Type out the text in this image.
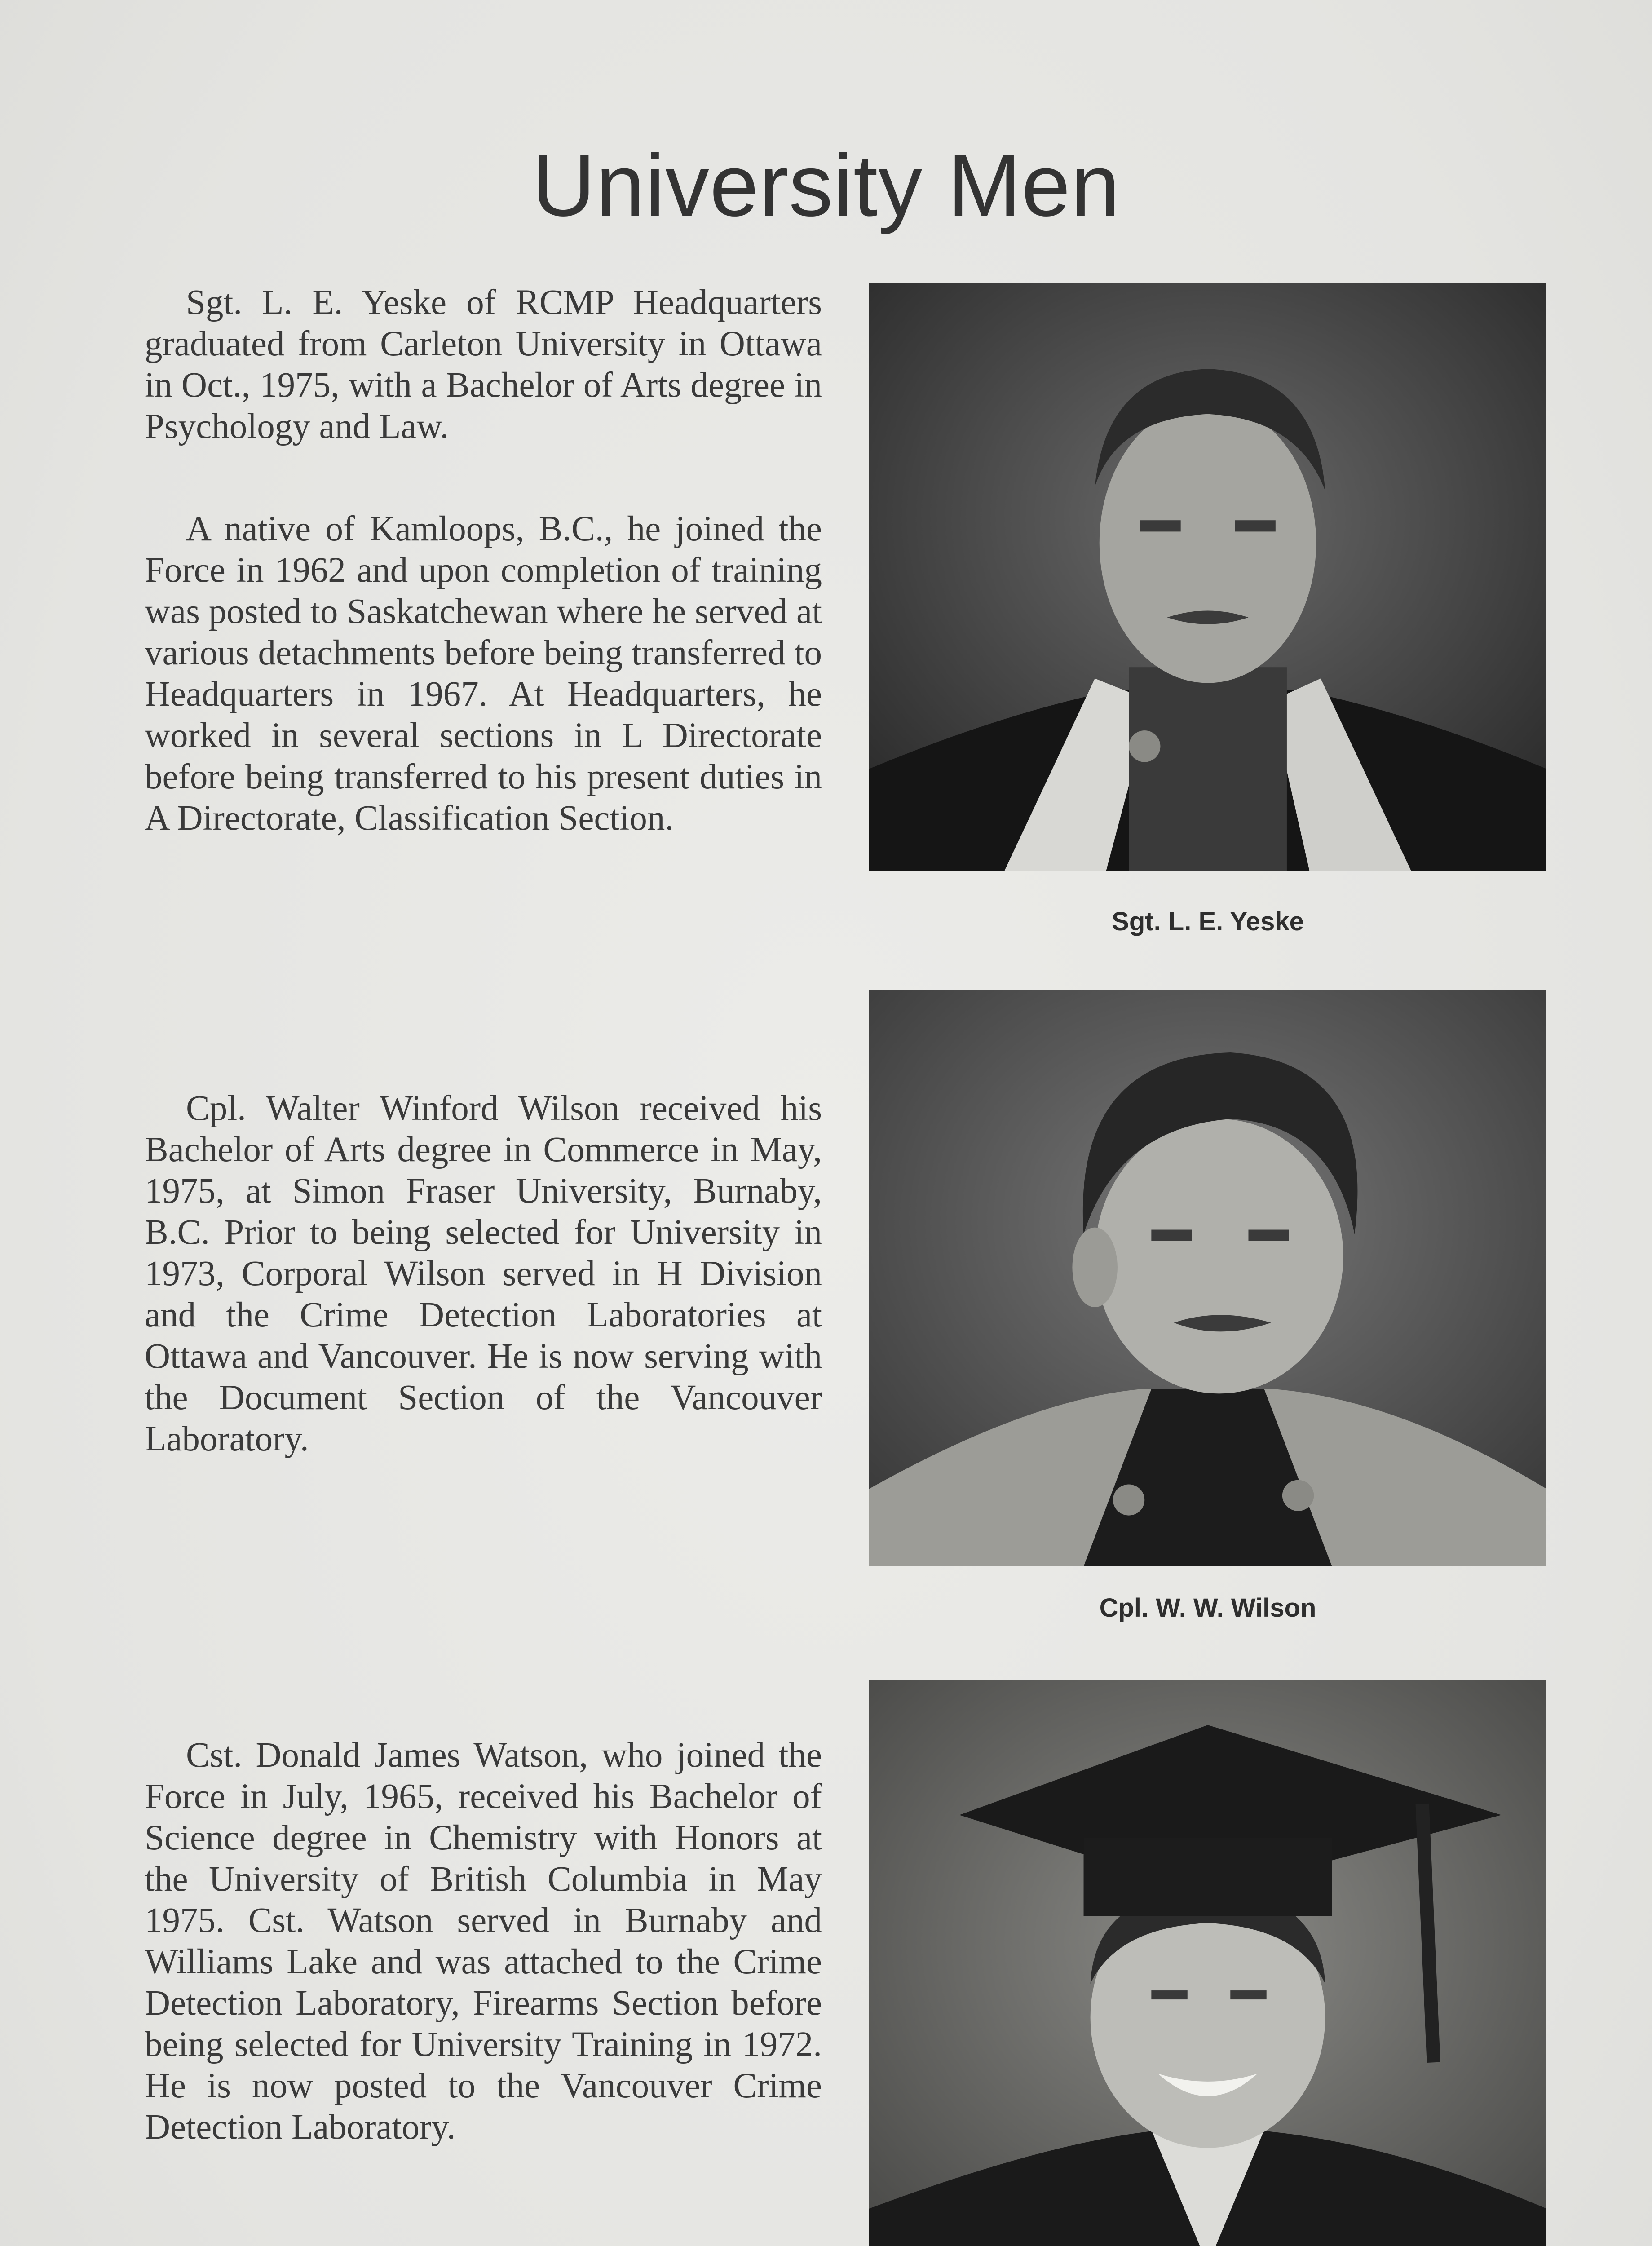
University Men

Sgt. L. E. Yeske of RCMP Headquarters graduated from Carleton University in Ottawa in Oct., 1975, with a Bachelor of Arts degree in Psychology and Law.

A native of Kamloops, B.C., he joined the Force in 1962 and upon completion of training was posted to Saskatchewan where he served at various detachments before being transferred to Headquarters in 1967. At Headquarters, he worked in several sections in L Directorate before being transferred to his present duties in A Directorate, Classification Section.

Sgt. L. E. Yeske

Cpl. Walter Winford Wilson received his Bachelor of Arts degree in Commerce in May, 1975, at Simon Fraser University, Burnaby, B.C. Prior to being selected for University in 1973, Corporal Wilson served in H Division and the Crime Detection Laboratories at Ottawa and Vancouver. He is now serving with the Document Section of the Vancouver Laboratory.

Cpl. W. W. Wilson

Cst. Donald James Watson, who joined the Force in July, 1965, received his Bachelor of Science degree in Chemistry with Honors at the University of British Columbia in May 1975. Cst. Watson served in Burnaby and Williams Lake and was attached to the Crime Detection Laboratory, Firearms Section before being selected for University Training in 1972. He is now posted to the Vancouver Crime Detection Laboratory.
